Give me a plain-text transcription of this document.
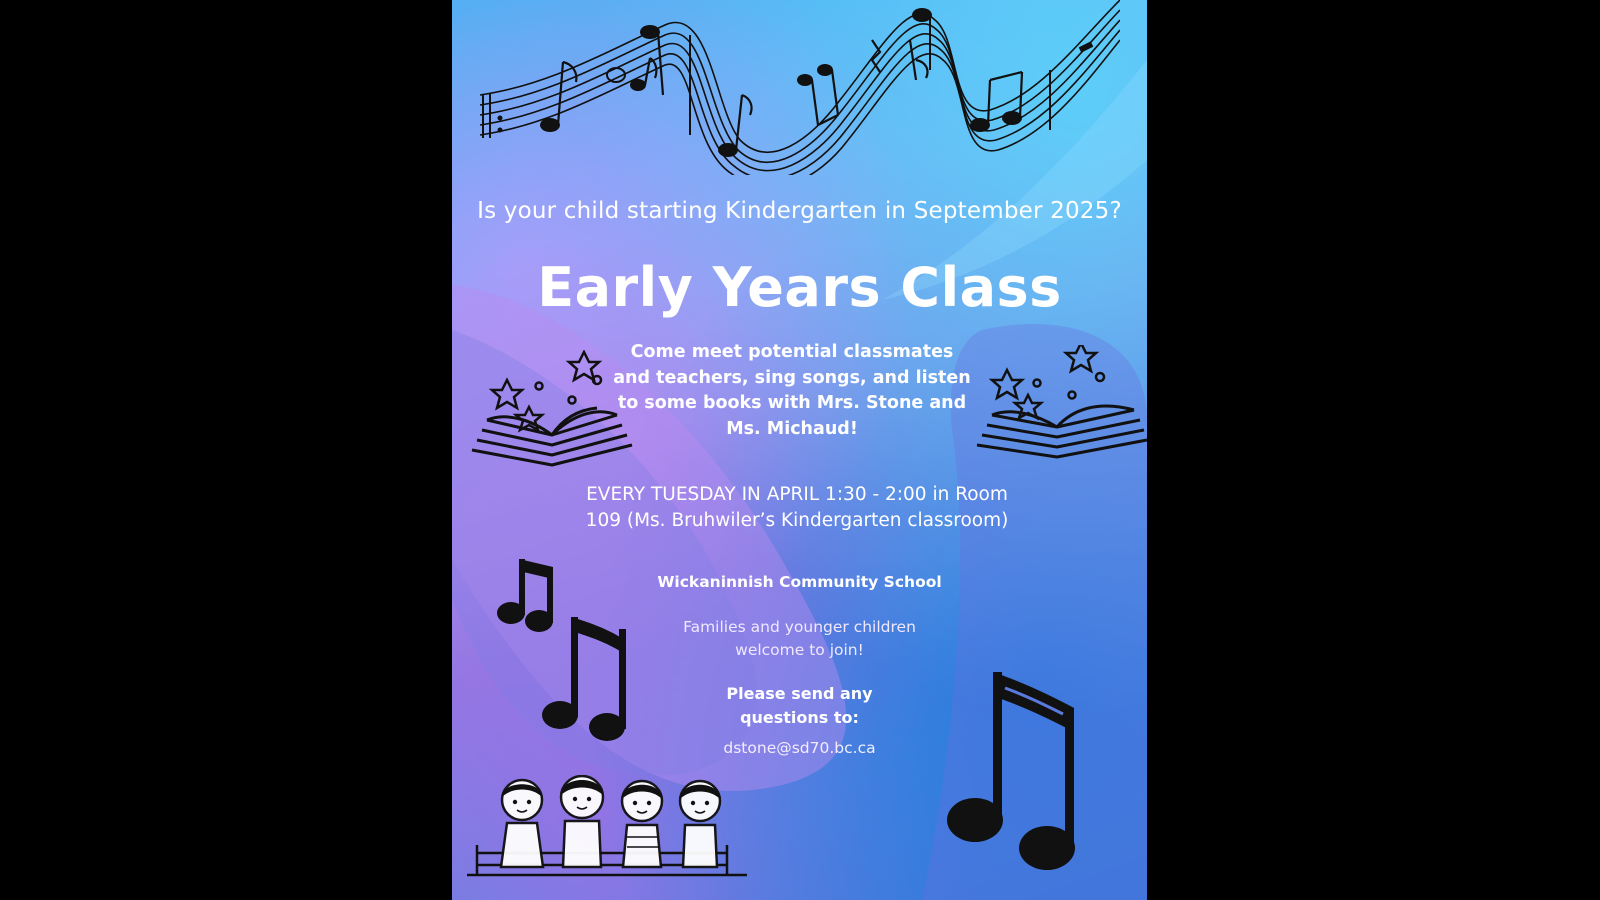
Is your child starting Kindergarten in September 2025?
Early Years Class
Come meet potential classmates and teachers, sing songs, and listen to some books with Mrs. Stone and Ms. Michaud!
EVERY TUESDAY IN APRIL 1:30 - 2:00 in Room 109 (Ms. Bruhwiler’s Kindergarten classroom)
Wickaninnish Community School
Families and younger children welcome to join!
Please send any questions to:
dstone@sd70.bc.ca
